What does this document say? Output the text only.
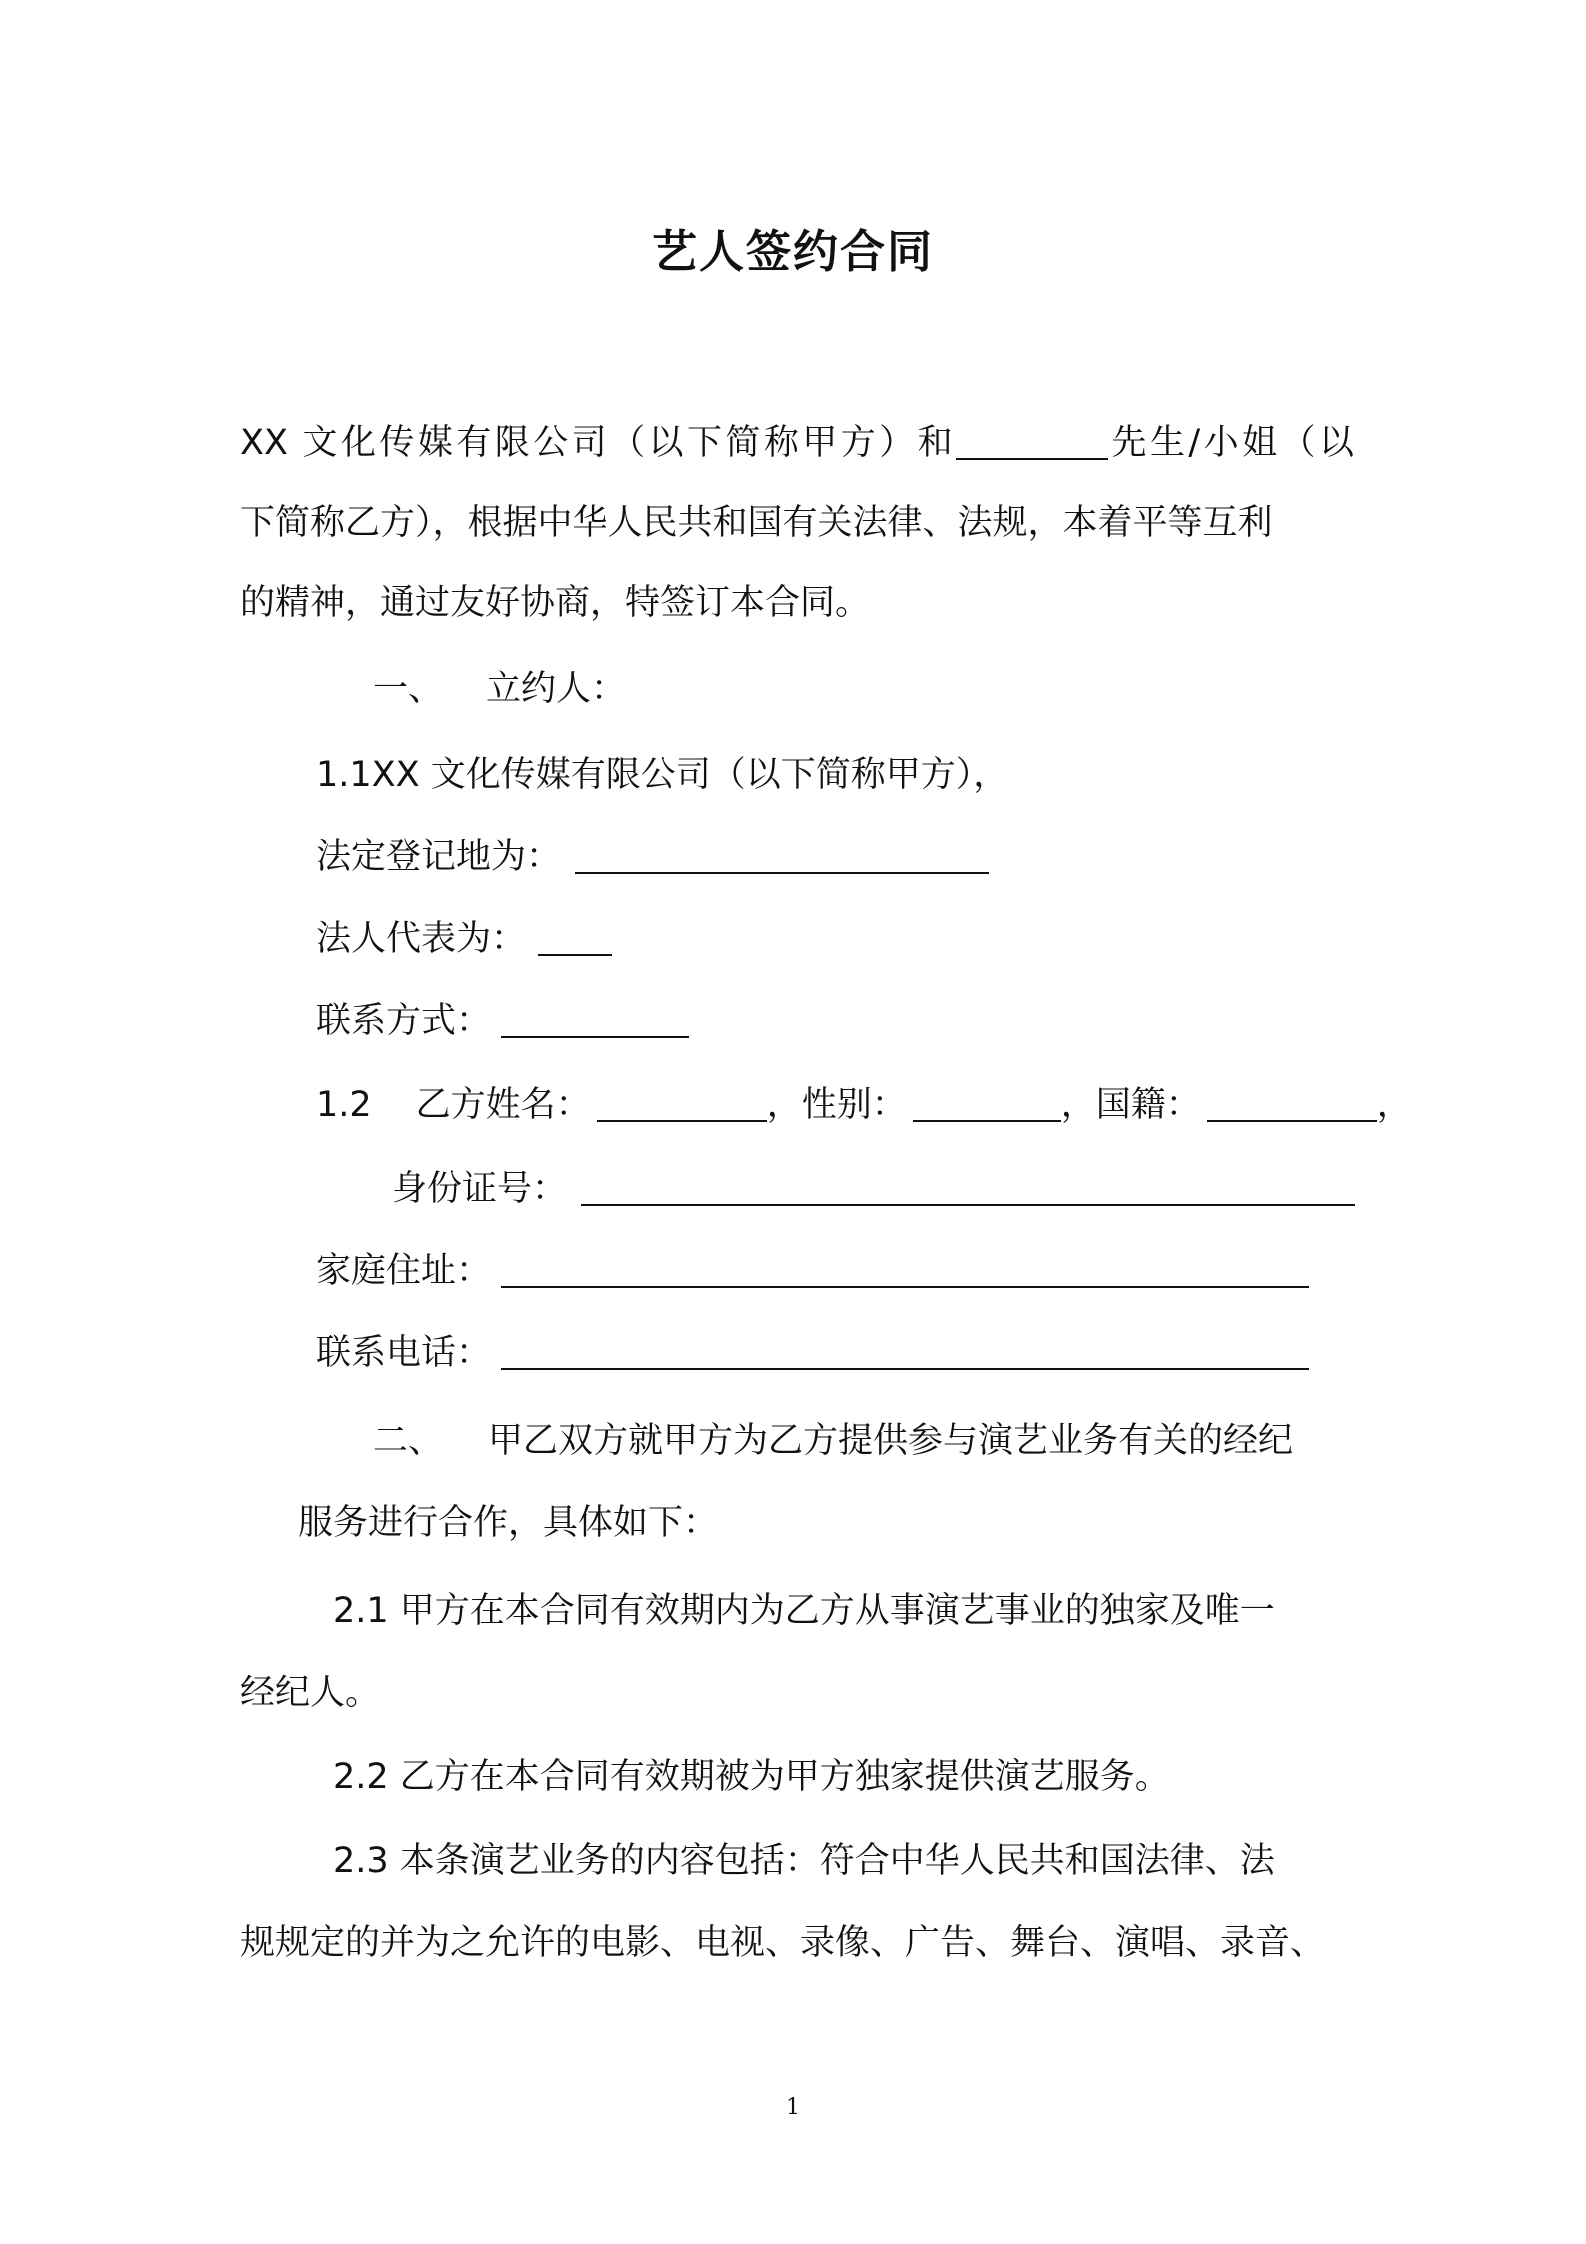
艺人签约合同
XX 文化传媒有限公司（以下简称甲方）和	先生/小姐（以
下简称乙方），根据中华人民共和国有关法律、法规，本着平等互利
的精神，通过友好协商，特签订本合同。
一、 立约人：
1.1XX 文化传媒有限公司（以下简称甲方），
法定登记地为：
法人代表为：
联系方式：
1.2 乙方姓名：	，性别：	，国籍：	，
身份证号：
家庭住址：
联系电话：
二、 甲乙双方就甲方为乙方提供参与演艺业务有关的经纪
服务进行合作，具体如下：
2.1 甲方在本合同有效期内为乙方从事演艺事业的独家及唯一
经纪人。
2.2 乙方在本合同有效期被为甲方独家提供演艺服务。
2.3 本条演艺业务的内容包括：符合中华人民共和国法律、法
规规定的并为之允许的电影、电视、录像、广告、舞台、演唱、录音、
1
